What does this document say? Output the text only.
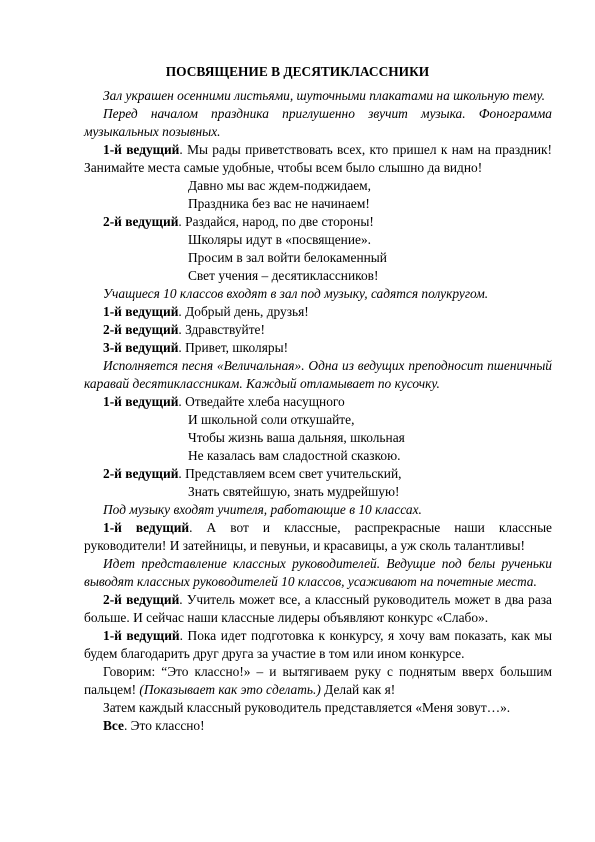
ПОСВЯЩЕНИЕ В ДЕСЯТИКЛАССНИКИ

Зал украшен осенними листьями, шуточными плакатами на школьную тему.

Перед началом праздника приглушенно звучит музыка. Фонограмма музыкальных позывных.

1-й ведущий. Мы рады приветствовать всех, кто пришел к нам на праздник! Занимайте места самые удобные, чтобы всем было слышно да видно!

Давно мы вас ждем-поджидаем,

Праздника без вас не начинаем!

2-й ведущий. Раздайся, народ, по две стороны!

Школяры идут в «посвящение».

Просим в зал войти белокаменный

Свет учения – десятиклассников!

Учащиеся 10 классов входят в зал под музыку, садятся полукругом.

1-й ведущий. Добрый день, друзья!

2-й ведущий. Здравствуйте!

3-й ведущий. Привет, школяры!

Исполняется песня «Величальная». Одна из ведущих преподносит пшеничный каравай десятиклассникам. Каждый отламывает по кусочку.

1-й ведущий. Отведайте хлеба насущного

И школьной соли откушайте,

Чтобы жизнь ваша дальняя, школьная

Не казалась вам сладостной сказкою.

2-й ведущий. Представляем всем свет учительский,

Знать святейшую, знать мудрейшую!

Под музыку входят учителя, работающие в 10 классах.

1-й ведущий. А вот и классные, распрекрасные наши классные руководители! И затейницы, и певуньи, и красавицы, а уж сколь талантливы!

Идет представление классных руководителей. Ведущие под белы рученьки выводят классных руководителей 10 классов, усаживают на почетные места.

2-й ведущий. Учитель может все, а классный руководитель может в два раза больше. И сейчас наши классные лидеры объявляют конкурс «Слабо».

1-й ведущий. Пока идет подготовка к конкурсу, я хочу вам показать, как мы будем благодарить друг друга за участие в том или ином конкурсе.

Говорим: “Это классно!» – и вытягиваем руку с поднятым вверх большим пальцем! (Показывает как это сделать.) Делай как я!

Затем каждый классный руководитель представляется «Меня зовут…».

Все. Это классно!
